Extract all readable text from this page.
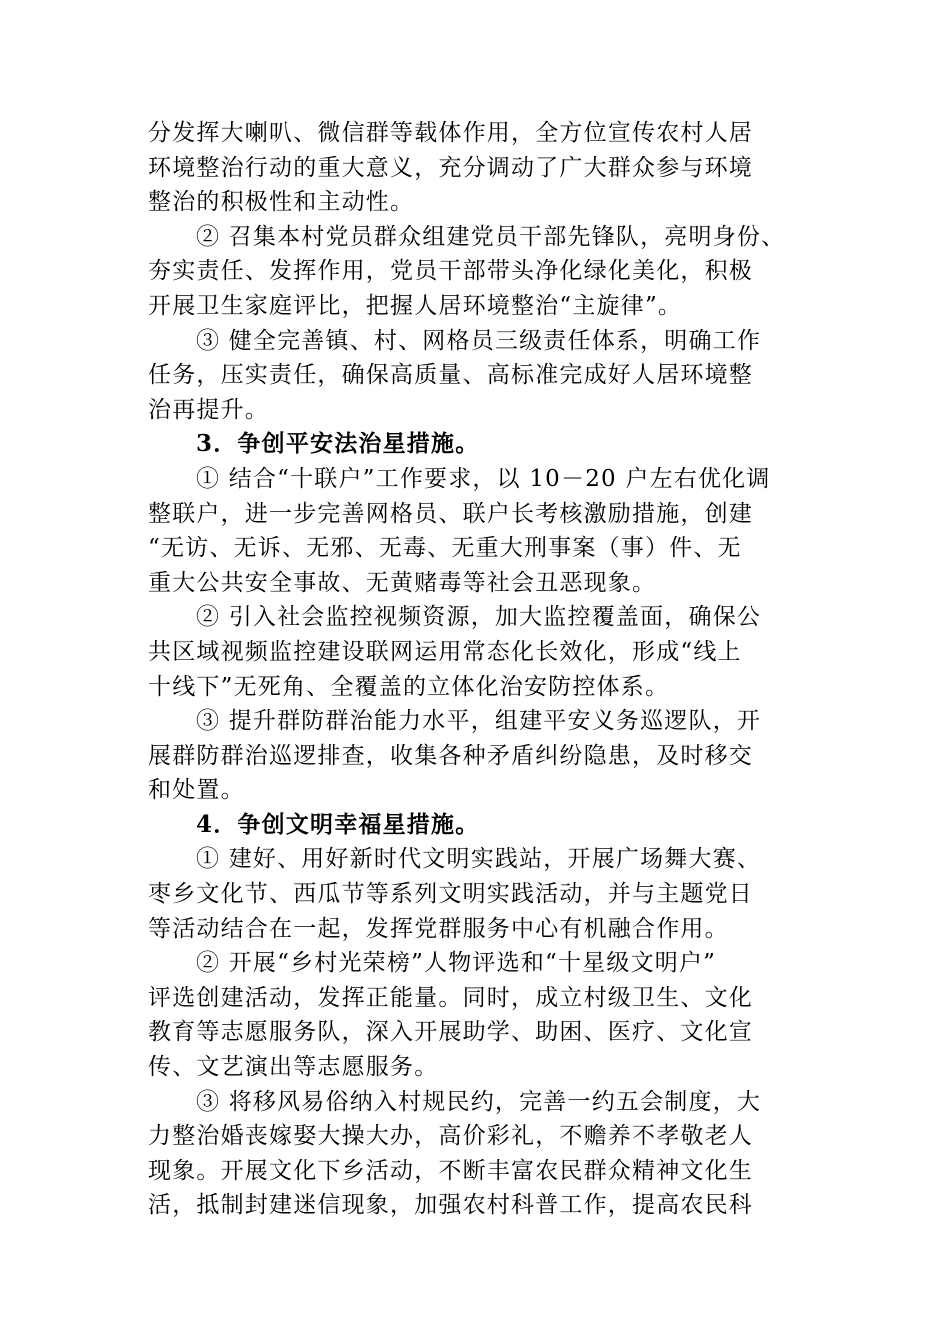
分发挥大喇叭、微信群等载体作用，全方位宣传农村人居
环境整治行动的重大意义，充分调动了广大群众参与环境
整治的积极性和主动性。
② 召集本村党员群众组建党员干部先锋队，亮明身份、
夯实责任、发挥作用，党员干部带头净化绿化美化，积极
开展卫生家庭评比，把握人居环境整治“主旋律”。
③ 健全完善镇、村、网格员三级责任体系，明确工作
任务，压实责任，确保高质量、高标准完成好人居环境整
治再提升。
3．争创平安法治星措施。
① 结合“十联户”工作要求，以 10－20 户左右优化调
整联户，进一步完善网格员、联户长考核激励措施，创建
“无访、无诉、无邪、无毒、无重大刑事案（事）件、无
重大公共安全事故、无黄赌毒等社会丑恶现象。
② 引入社会监控视频资源，加大监控覆盖面，确保公
共区域视频监控建设联网运用常态化长效化，形成“线上
十线下”无死角、全覆盖的立体化治安防控体系。
③ 提升群防群治能力水平，组建平安义务巡逻队，开
展群防群治巡逻排查，收集各种矛盾纠纷隐患，及时移交
和处置。
4．争创文明幸福星措施。
① 建好、用好新时代文明实践站，开展广场舞大赛、
枣乡文化节、西瓜节等系列文明实践活动，并与主题党日
等活动结合在一起，发挥党群服务中心有机融合作用。
② 开展“乡村光荣榜”人物评选和“十星级文明户”
评选创建活动，发挥正能量。同时，成立村级卫生、文化
教育等志愿服务队，深入开展助学、助困、医疗、文化宣
传、文艺演出等志愿服务。
③ 将移风易俗纳入村规民约，完善一约五会制度，大
力整治婚丧嫁娶大操大办，高价彩礼，不赡养不孝敬老人
现象。开展文化下乡活动，不断丰富农民群众精神文化生
活，抵制封建迷信现象，加强农村科普工作，提高农民科
